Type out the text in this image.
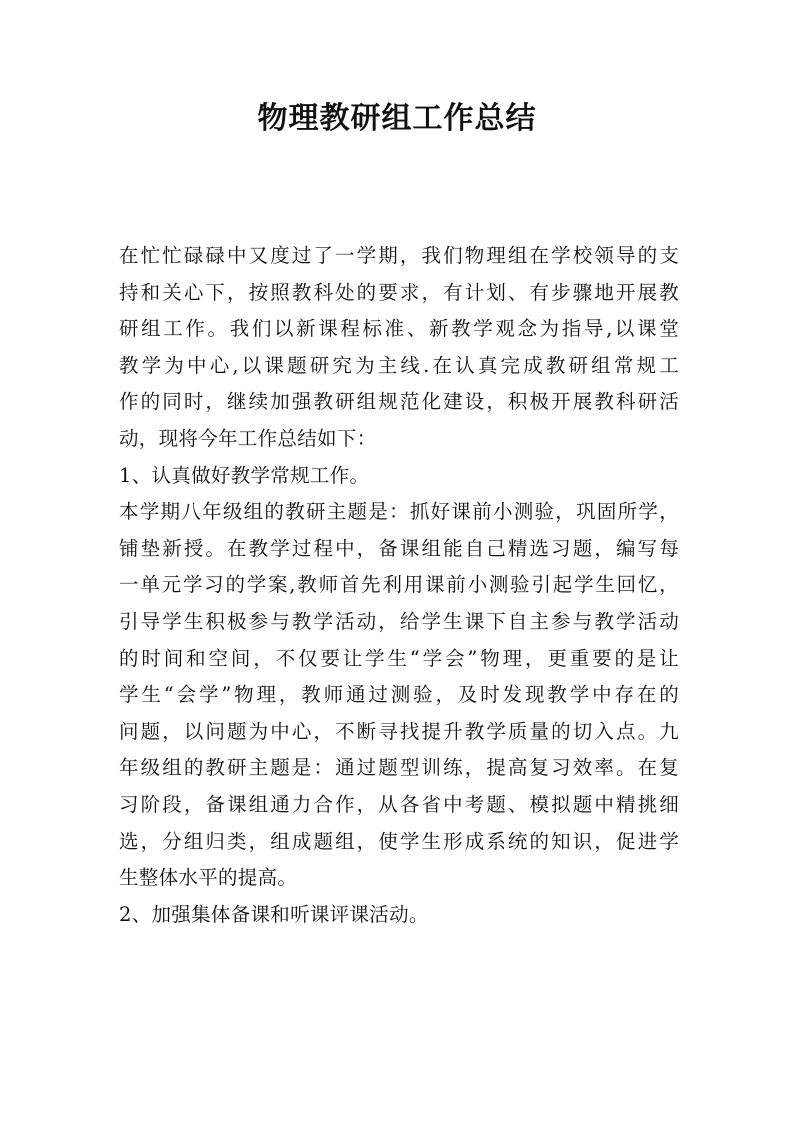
物理教研组工作总结
在忙忙碌碌中又度过了一学期，我们物理组在学校领导的支
持和关心下，按照教科处的要求，有计划、有步骤地开展教
研组工作。我们以新课程标准、新教学观念为指导,以课堂
教学为中心,以课题研究为主线.在认真完成教研组常规工
作的同时，继续加强教研组规范化建设，积极开展教科研活
动，现将今年工作总结如下：
1、认真做好教学常规工作。
本学期八年级组的教研主题是：抓好课前小测验，巩固所学，
铺垫新授。在教学过程中，备课组能自己精选习题，编写每
一单元学习的学案,教师首先利用课前小测验引起学生回忆，
引导学生积极参与教学活动，给学生课下自主参与教学活动
的时间和空间，不仅要让学生“学会”物理，更重要的是让
学生“会学”物理，教师通过测验，及时发现教学中存在的
问题，以问题为中心，不断寻找提升教学质量的切入点。九
年级组的教研主题是：通过题型训练，提高复习效率。在复
习阶段，备课组通力合作，从各省中考题、模拟题中精挑细
选，分组归类，组成题组，使学生形成系统的知识，促进学
生整体水平的提高。
2、加强集体备课和听课评课活动。
